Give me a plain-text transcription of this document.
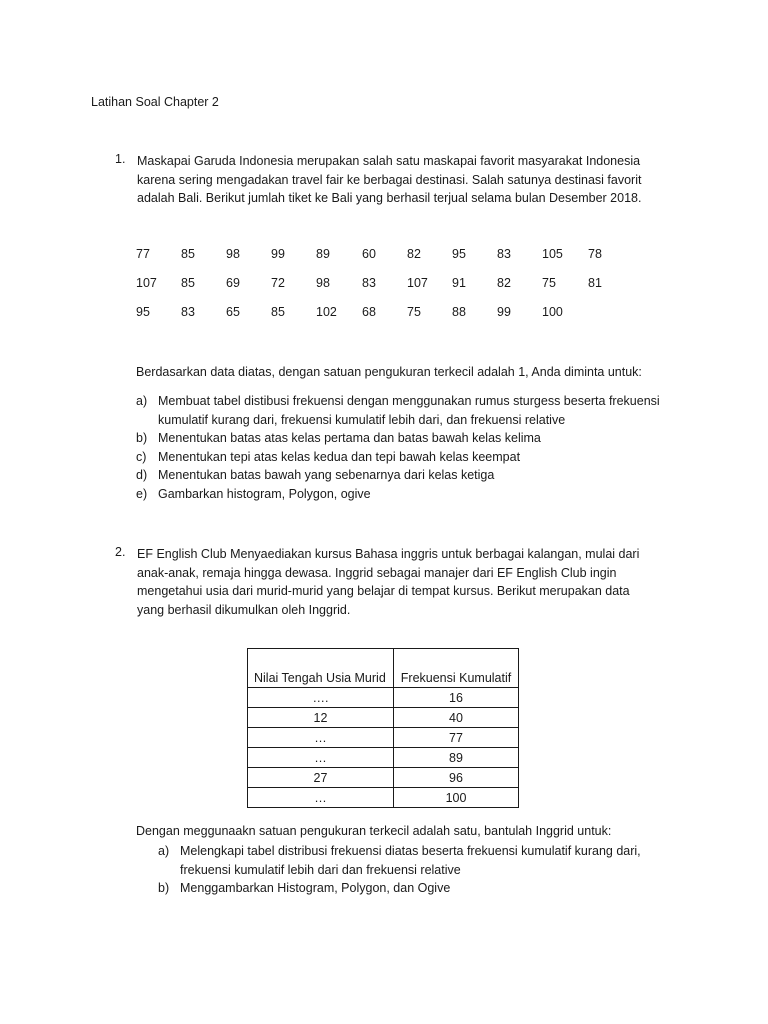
Latihan Soal Chapter 2
1. Maskapai Garuda Indonesia merupakan salah satu maskapai favorit masyarakat Indonesia karena sering mengadakan travel fair ke berbagai destinasi. Salah satunya destinasi favorit adalah Bali. Berikut jumlah tiket ke Bali yang berhasil terjual selama bulan Desember 2018.
77 85 98 99 89	60 82 95 83 105 78
107 85 69 72 98	83 107 91 82 75	81
95 83 65 85 102 68 75 88 99 100
Berdasarkan data diatas, dengan satuan pengukuran terkecil adalah 1, Anda diminta untuk:
a) Membuat tabel distibusi frekuensi dengan menggunakan rumus sturgess beserta frekuensi kumulatif kurang dari, frekuensi kumulatif lebih dari, dan frekuensi relative
b) Menentukan batas atas kelas pertama dan batas bawah kelas kelima
c) Menentukan tepi atas kelas kedua dan tepi bawah kelas keempat
d) Menentukan batas bawah yang sebenarnya dari kelas ketiga
e) Gambarkan histogram, Polygon, ogive
2. EF English Club Menyaediakan kursus Bahasa inggris untuk berbagai kalangan, mulai dari anak-anak, remaja hingga dewasa. Inggrid sebagai manajer dari EF English Club ingin mengetahui usia dari murid-murid yang belajar di tempat kursus. Berikut merupakan data yang berhasil dikumulkan oleh Inggrid.
Nilai Tengah Usia Murid	Frekuensi Kumulatif
….	16
12	40
…	77
…	89
27	96
…	100
Dengan meggunaakn satuan pengukuran terkecil adalah satu, bantulah Inggrid untuk:
a) Melengkapi tabel distribusi frekuensi diatas beserta frekuensi kumulatif kurang dari, frekuensi kumulatif lebih dari dan frekuensi relative
b) Menggambarkan Histogram, Polygon, dan Ogive
